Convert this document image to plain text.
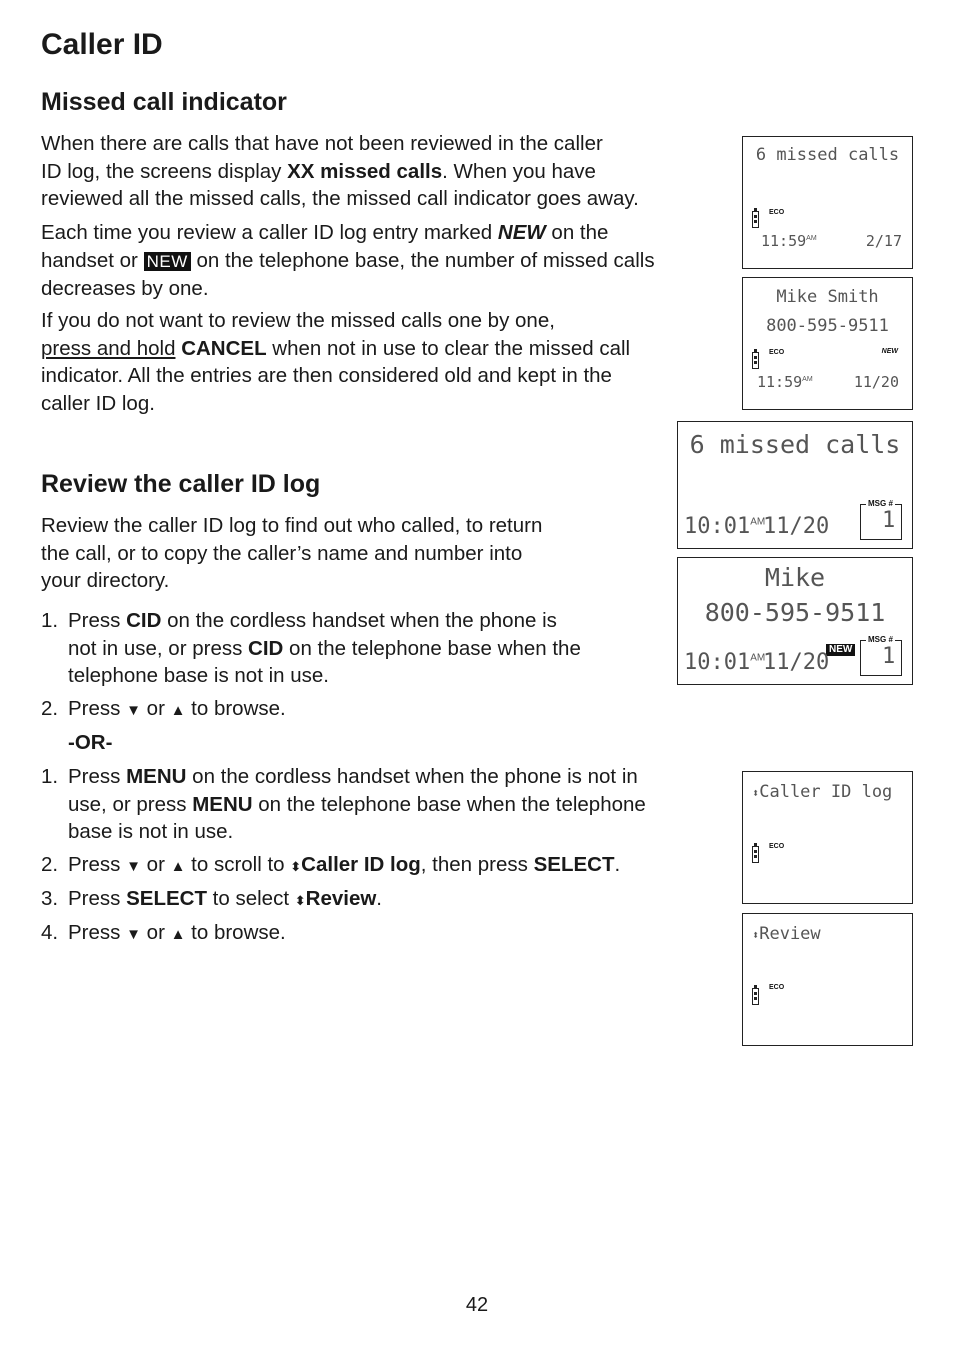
Caller ID
Missed call indicator

When there are calls that have not been reviewed in the caller
ID log, the screens display XX missed calls. When you have
reviewed all the missed calls, the missed call indicator goes away.

Each time you review a caller ID log entry marked NEW on the
handset or NEW on the telephone base, the number of missed calls
decreases by one.

If you do not want to review the missed calls one by one,
press and hold CANCEL when not in use to clear the missed call
indicator. All the entries are then considered old and kept in the
caller ID log.

Review the caller ID log

Review the caller ID log to find out who called, to return
the call, or to copy the caller’s name and number into
your directory.

1. Press CID on the cordless handset when the phone is
not in use, or press CID on the telephone base when the
telephone base is not in use.
2. Press ▼ or ▲ to browse.
-OR-
1. Press MENU on the cordless handset when the phone is not in
use, or press MENU on the telephone base when the telephone
base is not in use.
2. Press ▼ or ▲ to scroll to ⬍Caller ID log, then press SELECT.
3. Press SELECT to select ⬍Review.
4. Press ▼ or ▲ to browse.
6 missed calls
ECO
$11:59^{AM}$	2/17
Mike Smith
800-595-9511
ECO	NEW
$11:59^{AM}$	11/20
6 missed calls
MSG #
1
$10:01^{AM}$
11/20
Mike
800-595-9511
NEW
MSG #
1
$10:01^{AM}$
11/20
⬍Caller ID log
ECO
⬍Review
ECO
42
